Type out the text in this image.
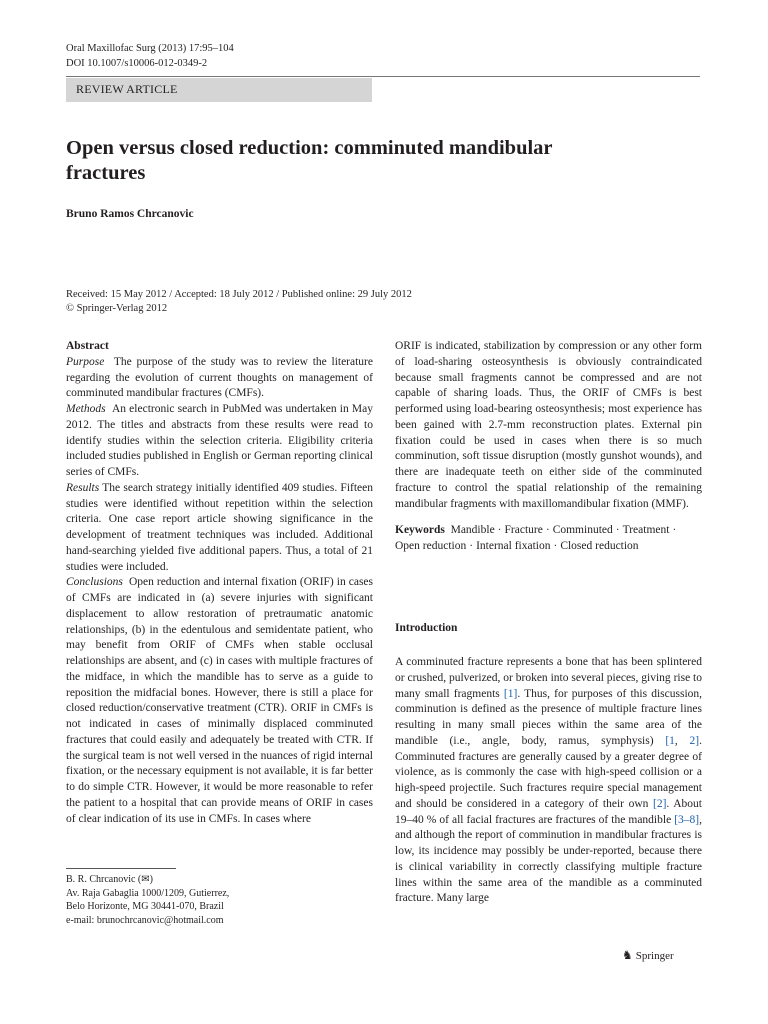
Oral Maxillofac Surg (2013) 17:95–104
DOI 10.1007/s10006-012-0349-2
REVIEW ARTICLE
Open versus closed reduction: comminuted mandibular
fractures
Bruno Ramos Chrcanovic
Received: 15 May 2012 / Accepted: 18 July 2012 / Published online: 29 July 2012
© Springer-Verlag 2012

Abstract

Purpose The purpose of the study was to review the literature regarding the evolution of current thoughts on management of comminuted mandibular fractures (CMFs).

Methods An electronic search in PubMed was undertaken in May 2012. The titles and abstracts from these results were read to identify studies within the selection criteria. Eligibility criteria included studies published in English or German reporting clinical series of CMFs.

Results The search strategy initially identified 409 studies. Fifteen studies were identified without repetition within the selection criteria. One case report article showing significance in the development of treatment techniques was included. Additional hand-searching yielded five additional papers. Thus, a total of 21 studies were included.

Conclusions Open reduction and internal fixation (ORIF) in cases of CMFs are indicated in (a) severe injuries with significant displacement to allow restoration of pretraumatic anatomic relationships, (b) in the edentulous and semidentate patient, who may benefit from ORIF of CMFs when stable occlusal relationships are absent, and (c) in cases with multiple fractures of the midface, in which the mandible has to serve as a guide to reposition the midfacial bones. However, there is still a place for closed reduction/conservative treatment (CTR). ORIF in CMFs is not indicated in cases of minimally displaced comminuted fractures that could easily and adequately be treated with CTR. If the surgical team is not well versed in the nuances of rigid internal fixation, or the necessary equipment is not available, it is far better to do simple CTR. However, it would be more reasonable to refer the patient to a hospital that can provide means of ORIF in cases of clear indication of its use in CMFs. In cases where

ORIF is indicated, stabilization by compression or any other form of load-sharing osteosynthesis is obviously contraindicated because small fragments cannot be compressed and are not capable of sharing loads. Thus, the ORIF of CMFs is best performed using load-bearing osteosynthesis; most experience has been gained with 2.7-mm reconstruction plates. External pin fixation could be used in cases when there is so much comminution, soft tissue disruption (mostly gunshot wounds), and there are inadequate teeth on either side of the comminuted fracture to control the spatial relationship of the remaining mandibular fragments with maxillomandibular fixation (MMF).

Keywords Mandible · Fracture · Comminuted · Treatment · Open reduction · Internal fixation · Closed reduction

Introduction

A comminuted fracture represents a bone that has been splintered or crushed, pulverized, or broken into several pieces, giving rise to many small fragments [1]. Thus, for purposes of this discussion, comminution is defined as the presence of multiple fracture lines resulting in many small pieces within the same area of the mandible (i.e., angle, body, ramus, symphysis) [1, 2]. Comminuted fractures are generally caused by a greater degree of violence, as is commonly the case with high-speed collision or a high-speed projectile. Such fractures require special management and should be considered in a category of their own [2]. About 19–40 % of all facial fractures are fractures of the mandible [3–8], and although the report of comminution in mandibular fractures is low, its incidence may possibly be under-reported, because there is clinical variability in correctly classifying multiple fracture lines within the same area of the mandible as a comminuted fracture. Many large

B. R. Chrcanovic (✉)
Av. Raja Gabaglia 1000/1209, Gutierrez,
Belo Horizonte, MG 30441-070, Brazil
e-mail: brunochrcanovic@hotmail.com
♞ Springer
